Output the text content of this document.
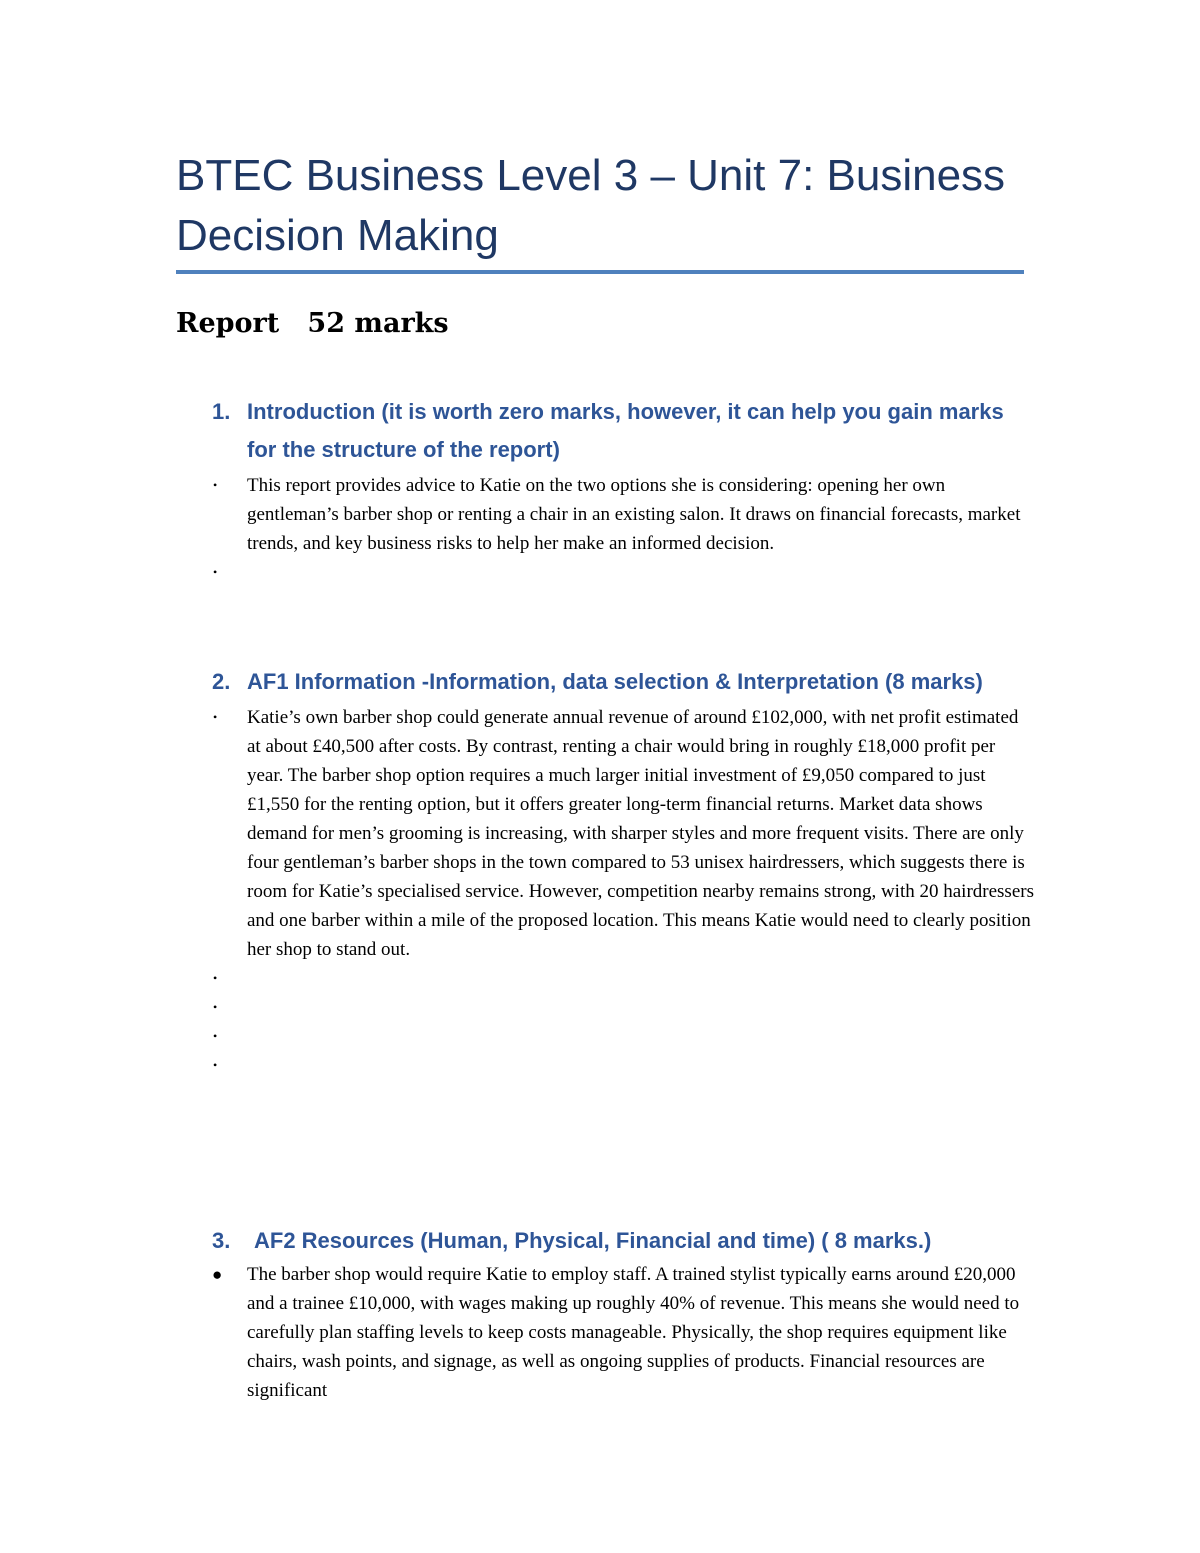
BTEC Business Level 3 – Unit 7: Business Decision Making
Report   52 marks
1. Introduction (it is worth zero marks, however, it can help you gain marks for the structure of the report)
• This report provides advice to Katie on the two options she is considering: opening her own gentleman’s barber shop or renting a chair in an existing salon. It draws on financial forecasts, market trends, and key business risks to help her make an informed decision.
•
2. AF1 Information -Information, data selection & Interpretation (8 marks)
• Katie’s own barber shop could generate annual revenue of around £102,000, with net profit estimated at about £40,500 after costs. By contrast, renting a chair would bring in roughly £18,000 profit per year. The barber shop option requires a much larger initial investment of £9,050 compared to just £1,550 for the renting option, but it offers greater long-term financial returns. Market data shows demand for men’s grooming is increasing, with sharper styles and more frequent visits. There are only four gentleman’s barber shops in the town compared to 53 unisex hairdressers, which suggests there is room for Katie’s specialised service. However, competition nearby remains strong, with 20 hairdressers and one barber within a mile of the proposed location. This means Katie would need to clearly position her shop to stand out.
•
•
•
•
3. AF2 Resources (Human, Physical, Financial and time) ( 8 marks.)
● The barber shop would require Katie to employ staff. A trained stylist typically earns around £20,000 and a trainee £10,000, with wages making up roughly 40% of revenue. This means she would need to carefully plan staffing levels to keep costs manageable. Physically, the shop requires equipment like chairs, wash points, and signage, as well as ongoing supplies of products. Financial resources are significant
